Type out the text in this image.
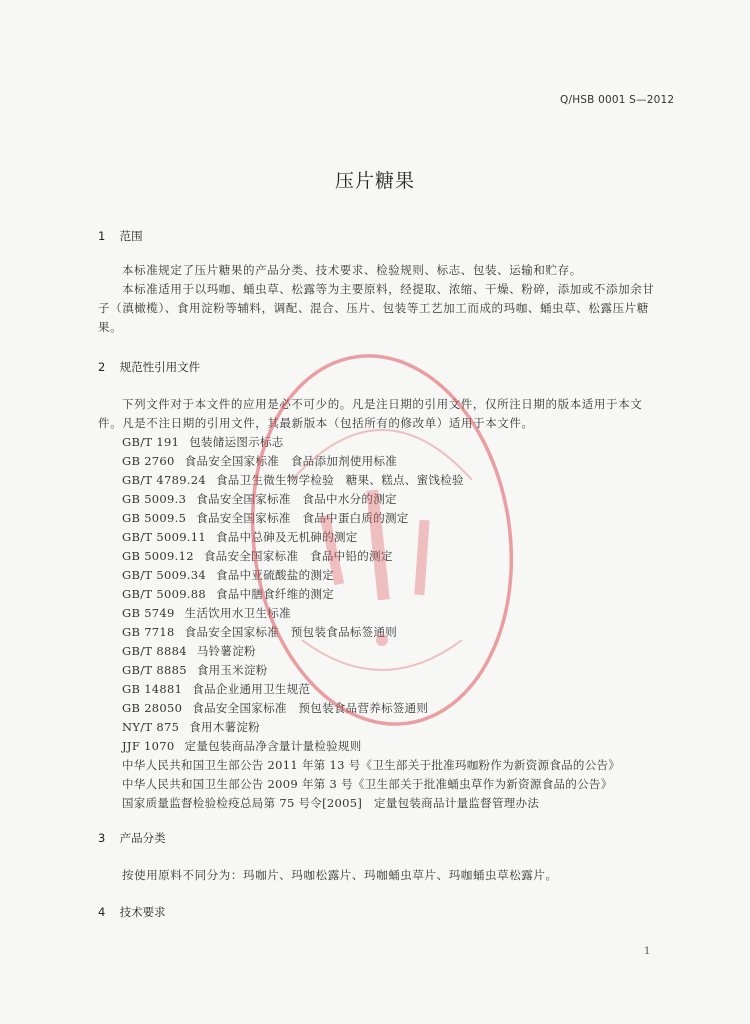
Q/HSB 0001 S—2012
压片糖果
1 范围
本标准规定了压片糖果的产品分类、技术要求、检验规则、标志、包装、运输和贮存。
本标准适用于以玛咖、蛹虫草、松露等为主要原料，经提取、浓缩、干燥、粉碎，添加或不添加余甘子（滇橄榄）、食用淀粉等辅料，调配、混合、压片、包装等工艺加工而成的玛咖、蛹虫草、松露压片糖果。
2 规范性引用文件
下列文件对于本文件的应用是必不可少的。凡是注日期的引用文件，仅所注日期的版本适用于本文件。凡是不注日期的引用文件，其最新版本（包括所有的修改单）适用于本文件。
GB/T 191 包装储运图示标志
GB 2760 食品安全国家标准　食品添加剂使用标准
GB/T 4789.24 食品卫生微生物学检验　糖果、糕点、蜜饯检验
GB 5009.3 食品安全国家标准　食品中水分的测定
GB 5009.5 食品安全国家标准　食品中蛋白质的测定
GB/T 5009.11 食品中总砷及无机砷的测定
GB 5009.12 食品安全国家标准　食品中铅的测定
GB/T 5009.34 食品中亚硫酸盐的测定
GB/T 5009.88 食品中膳食纤维的测定
GB 5749 生活饮用水卫生标准
GB 7718 食品安全国家标准　预包装食品标签通则
GB/T 8884 马铃薯淀粉
GB/T 8885 食用玉米淀粉
GB 14881 食品企业通用卫生规范
GB 28050 食品安全国家标准　预包装食品营养标签通则
NY/T 875 食用木薯淀粉
JJF 1070 定量包装商品净含量计量检验规则
中华人民共和国卫生部公告 2011 年第 13 号《卫生部关于批准玛咖粉作为新资源食品的公告》
中华人民共和国卫生部公告 2009 年第 3 号《卫生部关于批准蛹虫草作为新资源食品的公告》
国家质量监督检验检疫总局第 75 号令[2005]　定量包装商品计量监督管理办法
3 产品分类
按使用原料不同分为：玛咖片、玛咖松露片、玛咖蛹虫草片、玛咖蛹虫草松露片。
4 技术要求
1
